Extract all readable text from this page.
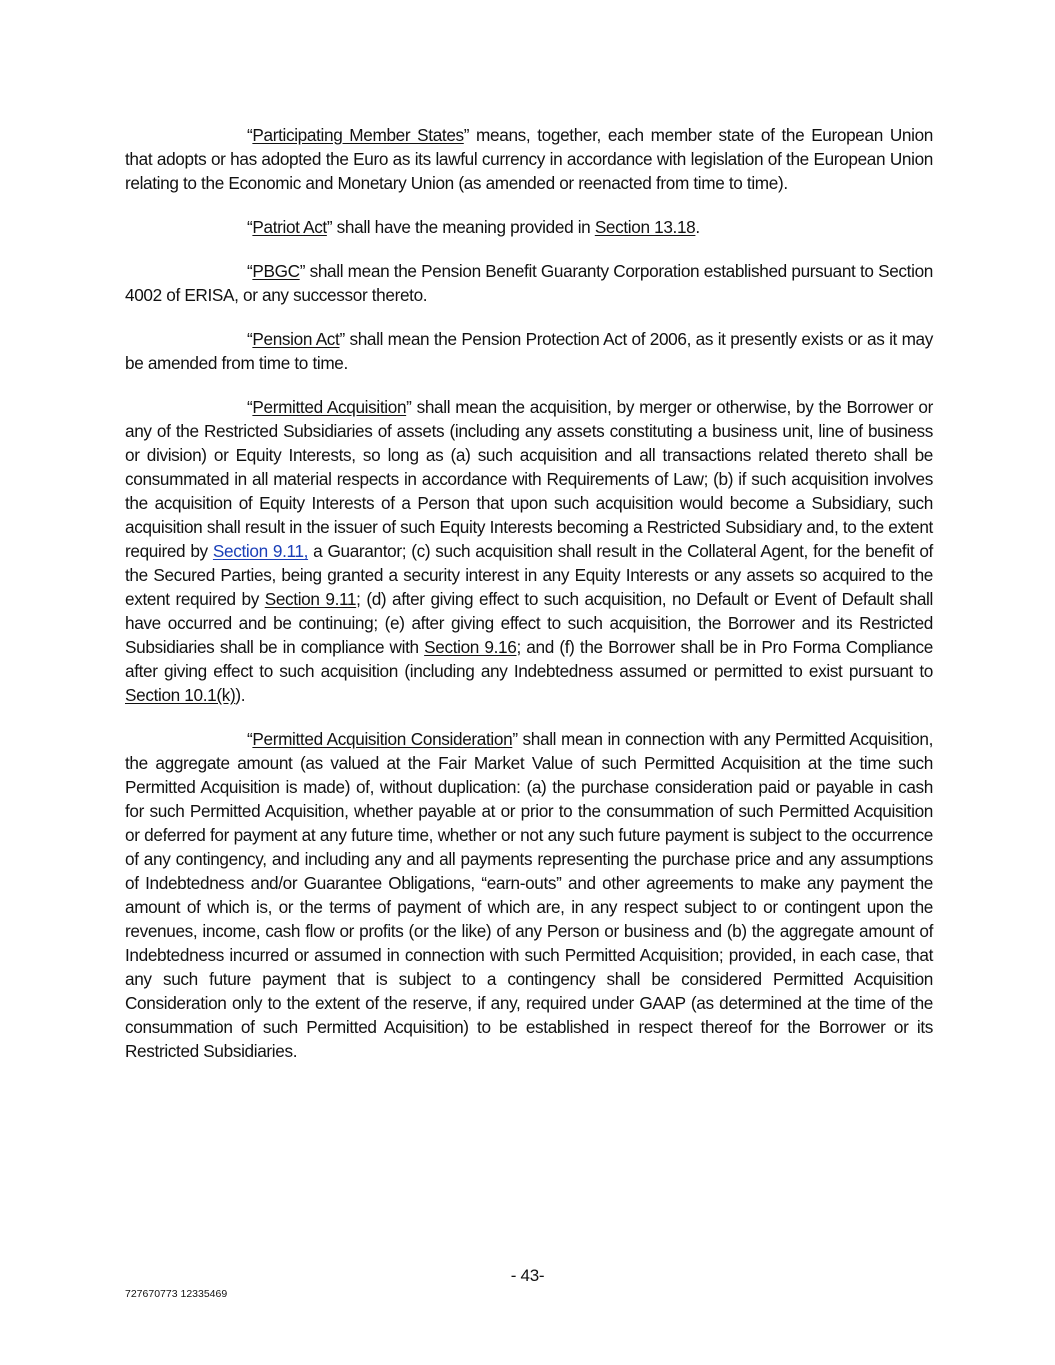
“Participating Member States” means, together, each member state of the European Union that adopts or has adopted the Euro as its lawful currency in accordance with legislation of the European Union relating to the Economic and Monetary Union (as amended or reenacted from time to time).

“Patriot Act” shall have the meaning provided in Section 13.18.

“PBGC” shall mean the Pension Benefit Guaranty Corporation established pursuant to Section 4002 of ERISA, or any successor thereto.

“Pension Act” shall mean the Pension Protection Act of 2006, as it presently exists or as it may be amended from time to time.

“Permitted Acquisition” shall mean the acquisition, by merger or otherwise, by the Borrower or any of the Restricted Subsidiaries of assets (including any assets constituting a business unit, line of business or division) or Equity Interests, so long as (a) such acquisition and all transactions related thereto shall be consummated in all material respects in accordance with Requirements of Law; (b) if such acquisition involves the acquisition of Equity Interests of a Person that upon such acquisition would become a Subsidiary, such acquisition shall result in the issuer of such Equity Interests becoming a Restricted Subsidiary and, to the extent required by Section 9.11, a Guarantor; (c) such acquisition shall result in the Collateral Agent, for the benefit of the Secured Parties, being granted a security interest in any Equity Interests or any assets so acquired to the extent required by Section 9.11; (d) after giving effect to such acquisition, no Default or Event of Default shall have occurred and be continuing; (e) after giving effect to such acquisition, the Borrower and its Restricted Subsidiaries shall be in compliance with Section 9.16; and (f) the Borrower shall be in Pro Forma Compliance after giving effect to such acquisition (including any Indebtedness assumed or permitted to exist pursuant to Section 10.1(k)).

“Permitted Acquisition Consideration” shall mean in connection with any Permitted Acquisition, the aggregate amount (as valued at the Fair Market Value of such Permitted Acquisition at the time such Permitted Acquisition is made) of, without duplication: (a) the purchase consideration paid or payable in cash for such Permitted Acquisition, whether payable at or prior to the consummation of such Permitted Acquisition or deferred for payment at any future time, whether or not any such future payment is subject to the occurrence of any contingency, and including any and all payments representing the purchase price and any assumptions of Indebtedness and/or Guarantee Obligations, “earn-outs” and other agreements to make any payment the amount of which is, or the terms of payment of which are, in any respect subject to or contingent upon the revenues, income, cash flow or profits (or the like) of any Person or business and (b) the aggregate amount of Indebtedness incurred or assumed in connection with such Permitted Acquisition; provided, in each case, that any such future payment that is subject to a contingency shall be considered Permitted Acquisition Consideration only to the extent of the reserve, if any, required under GAAP (as determined at the time of the consummation of such Permitted Acquisition) to be established in respect thereof for the Borrower or its Restricted Subsidiaries.

- 43-
727670773 12335469
